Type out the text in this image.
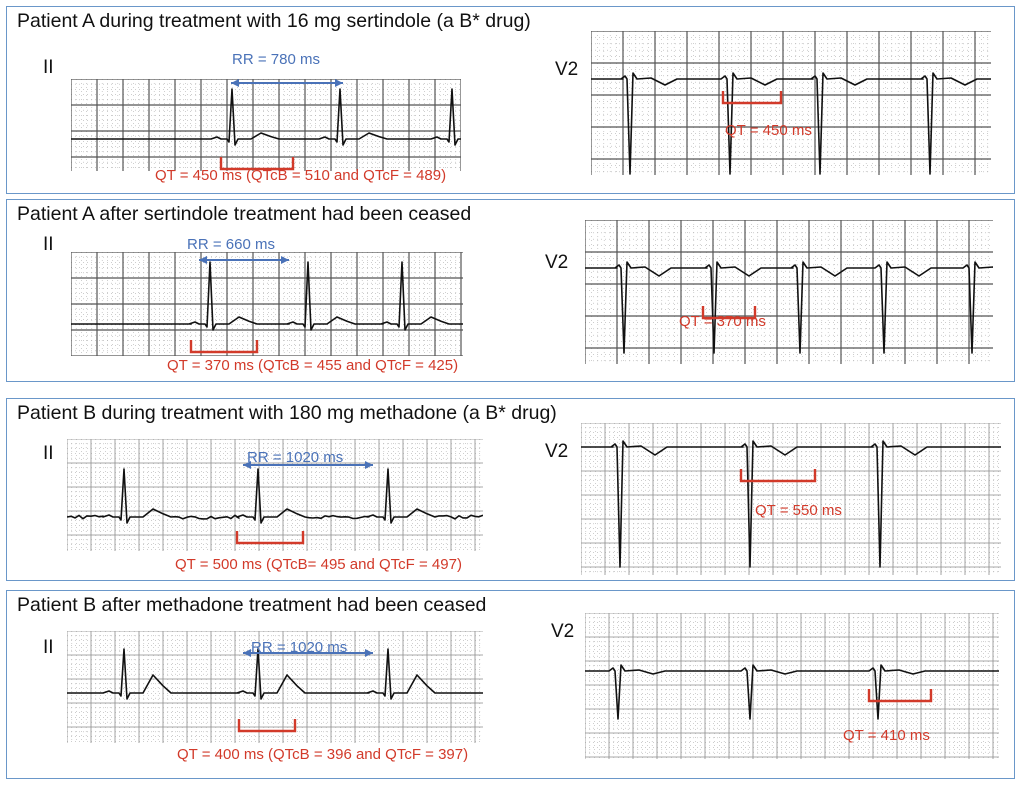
Patient A during treatment with 16 mg sertindole (a B* drug)
II	V2
RR = 780 ms
QT = 450 ms (QTcB = 510 and QTcF = 489)
QT = 450 ms
Patient A after sertindole treatment had been ceased
II
V2
RR = 660 ms
QT = 370 ms (QTcB = 455 and QTcF = 425)
QT = 370 ms
Patient B during treatment with 180 mg methadone (a B* drug)
II	V2
RR = 1020 ms
QT = 500 ms (QTcB= 495 and QTcF = 497)
QT = 550 ms
Patient B after methadone treatment had been ceased
II
V2
RR = 1020 ms
QT = 400 ms (QTcB = 396 and QTcF = 397)
QT = 410 ms
